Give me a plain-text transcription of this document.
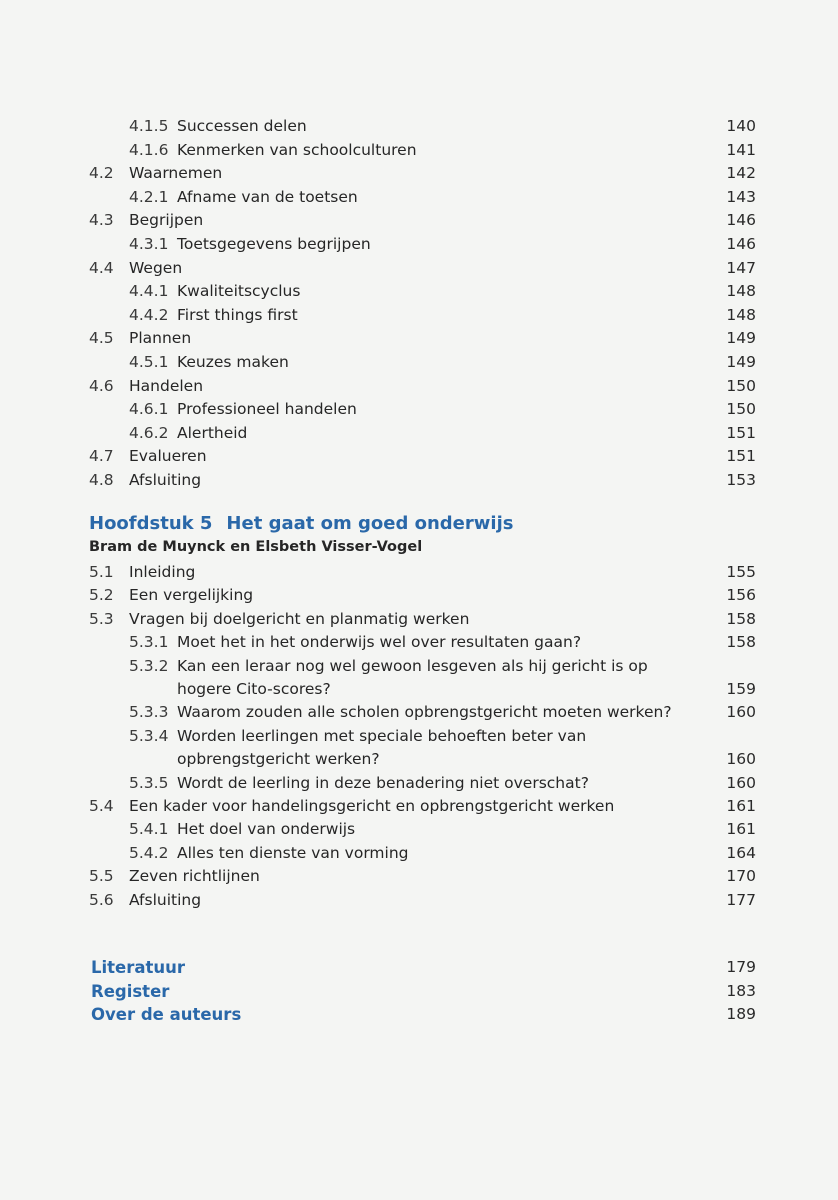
4.1.5 Successen delen	140
4.1.6 Kenmerken van schoolculturen	141
4.2 Waarnemen	142
4.2.1 Afname van de toetsen	143
4.3 Begrijpen	146
4.3.1 Toetsgegevens begrijpen	146
4.4 Wegen	147
4.4.1 Kwaliteitscyclus	148
4.4.2 First things first	148
4.5 Plannen	149
4.5.1 Keuzes maken	149
4.6 Handelen	150
4.6.1 Professioneel handelen	150
4.6.2 Alertheid	151
4.7 Evalueren	151
4.8 Afsluiting	153
Hoofdstuk 5 Het gaat om goed onderwijs
Bram de Muynck en Elsbeth Visser-Vogel
5.1 Inleiding	155
5.2 Een vergelijking	156
5.3 Vragen bij doelgericht en planmatig werken	158
5.3.1 Moet het in het onderwijs wel over resultaten gaan?	158
5.3.2 Kan een leraar nog wel gewoon lesgeven als hij gericht is op
hogere Cito-scores?	159
5.3.3 Waarom zouden alle scholen opbrengstgericht moeten werken?	160
5.3.4 Worden leerlingen met speciale behoeften beter van
opbrengstgericht werken?	160
5.3.5 Wordt de leerling in deze benadering niet overschat?	160
5.4 Een kader voor handelingsgericht en opbrengstgericht werken	161
5.4.1 Het doel van onderwijs	161
5.4.2 Alles ten dienste van vorming	164
5.5 Zeven richtlijnen	170
5.6 Afsluiting	177
Literatuur	179
Register	183
Over de auteurs	189
